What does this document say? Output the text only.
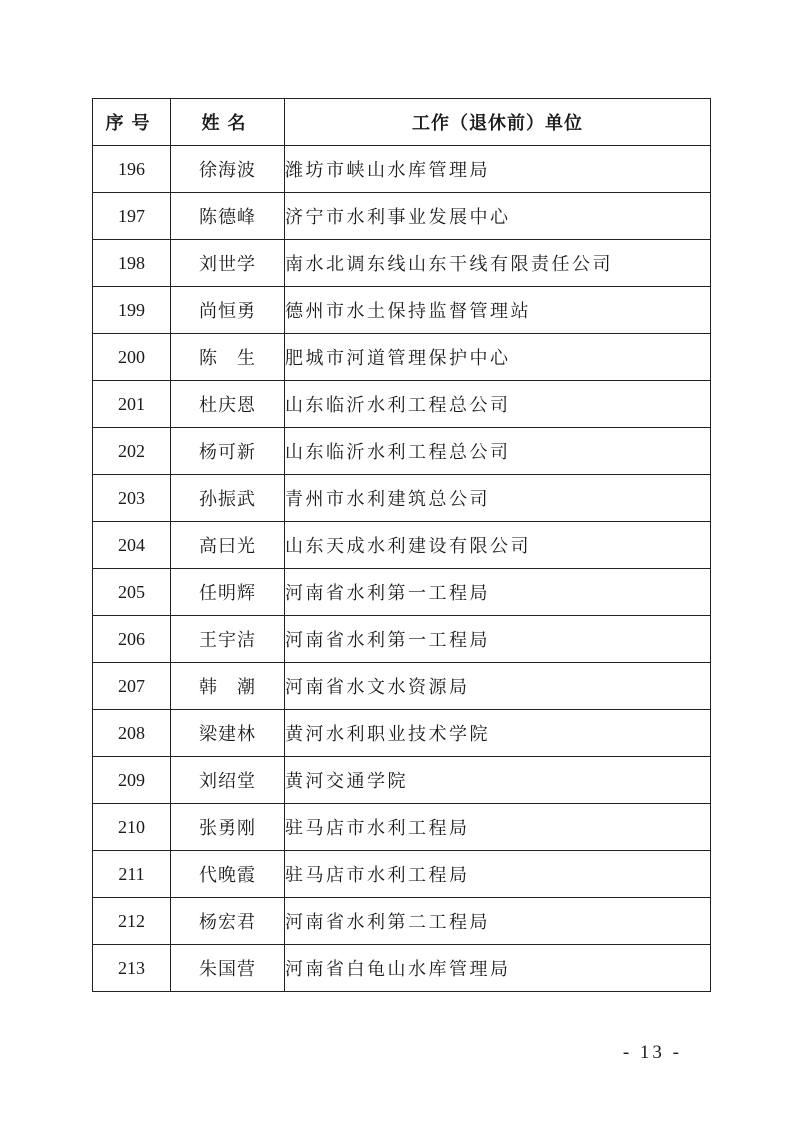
序号	姓名	工作（退休前）单位
196	徐海波	潍坊市峡山水库管理局
197	陈德峰	济宁市水利事业发展中心
198	刘世学	南水北调东线山东干线有限责任公司
199	尚恒勇	德州市水土保持监督管理站
200	陈　生	肥城市河道管理保护中心
201	杜庆恩	山东临沂水利工程总公司
202	杨可新	山东临沂水利工程总公司
203	孙振武	青州市水利建筑总公司
204	高曰光	山东天成水利建设有限公司
205	任明辉	河南省水利第一工程局
206	王宇洁	河南省水利第一工程局
207	韩　潮	河南省水文水资源局
208	梁建林	黄河水利职业技术学院
209	刘绍堂	黄河交通学院
210	张勇刚	驻马店市水利工程局
211	代晚霞	驻马店市水利工程局
212	杨宏君	河南省水利第二工程局
213	朱国营	河南省白龟山水库管理局
- 13 -
